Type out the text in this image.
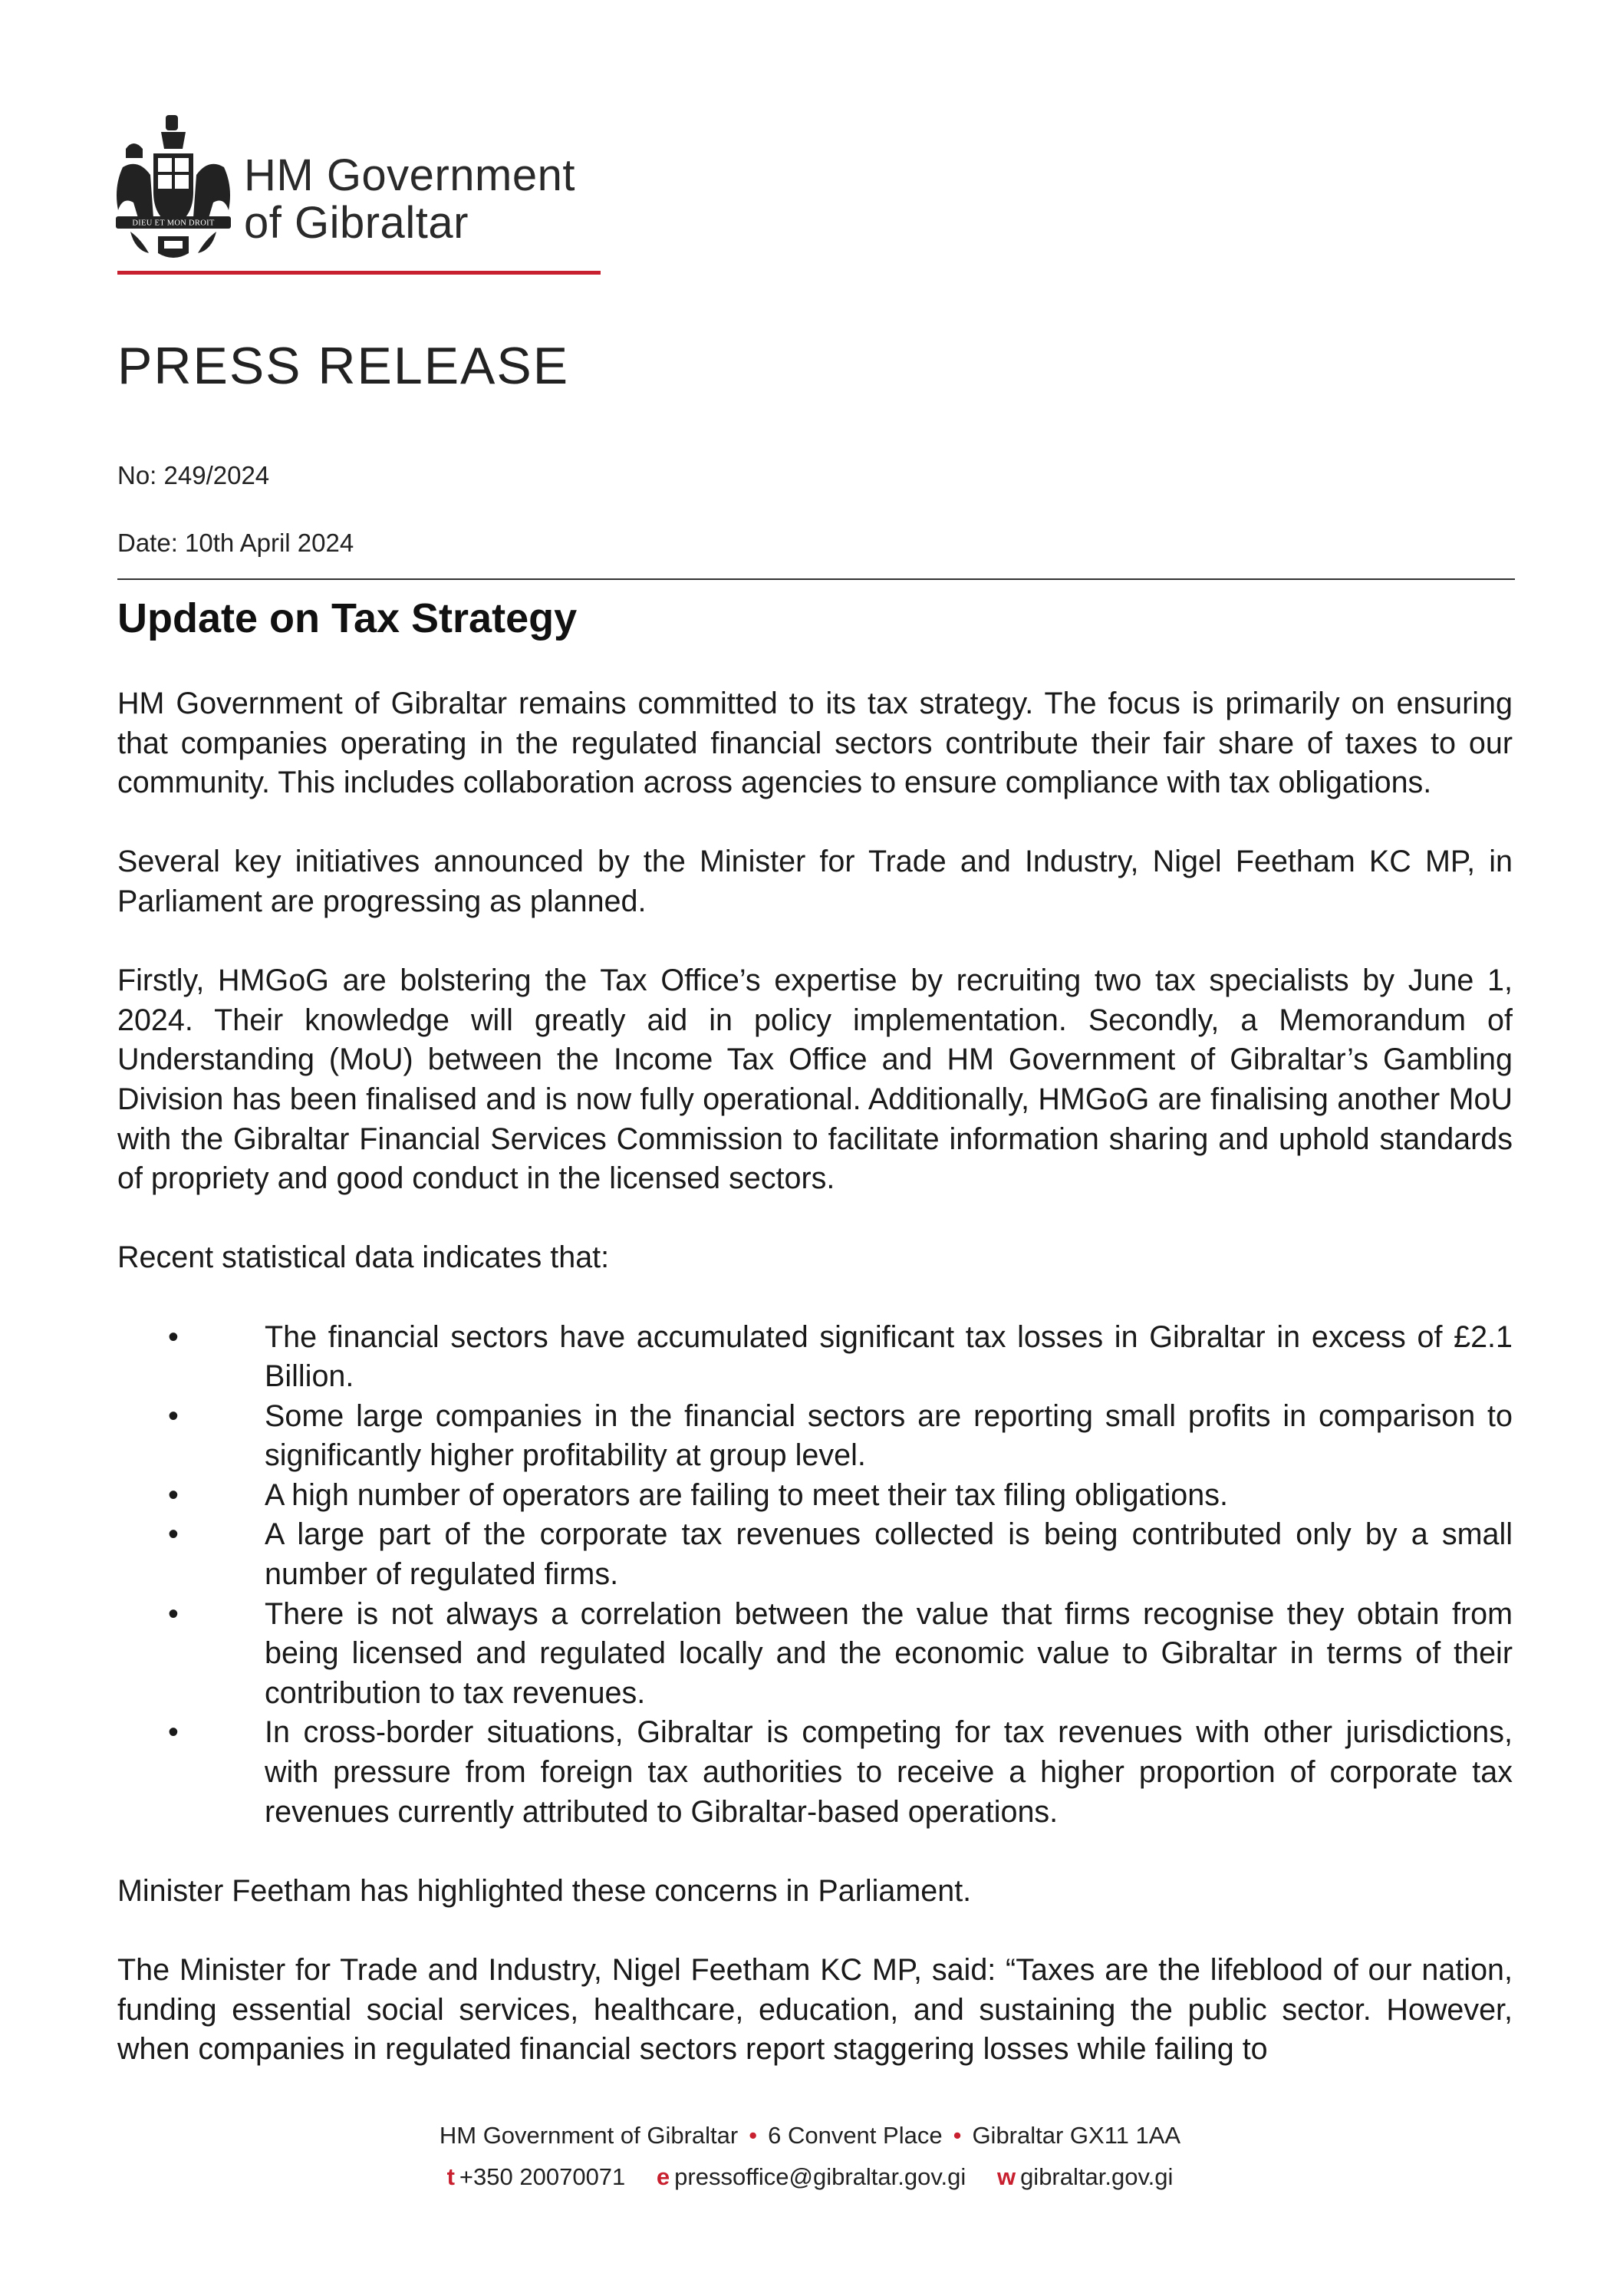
DIEU ET MON DROIT
HM Government
of Gibraltar
PRESS RELEASE
No: 249/2024
Date: 10th April 2024
Update on Tax Strategy

HM Government of Gibraltar remains committed to its tax strategy. The focus is primarily on ensuring that companies operating in the regulated financial sectors contribute their fair share of taxes to our community. This includes collaboration across agencies to ensure compliance with tax obligations.

Several key initiatives announced by the Minister for Trade and Industry, Nigel Feetham KC MP, in Parliament are progressing as planned.

Firstly, HMGoG are bolstering the Tax Office’s expertise by recruiting two tax specialists by June 1, 2024. Their knowledge will greatly aid in policy implementation. Secondly, a Memorandum of Understanding (MoU) between the Income Tax Office and HM Government of Gibraltar’s Gambling Division has been finalised and is now fully operational. Additionally, HMGoG are finalising another MoU with the Gibraltar Financial Services Commission to facilitate information sharing and uphold standards of propriety and good conduct in the licensed sectors.

Recent statistical data indicates that:

•	The financial sectors have accumulated significant tax losses in Gibraltar in excess of £2.1 Billion.
•	Some large companies in the financial sectors are reporting small profits in comparison to significantly higher profitability at group level.
•	A high number of operators are failing to meet their tax filing obligations.
•	A large part of the corporate tax revenues collected is being contributed only by a small number of regulated firms.
•	There is not always a correlation between the value that firms recognise they obtain from being licensed and regulated locally and the economic value to Gibraltar in terms of their contribution to tax revenues.
•	In cross-border situations, Gibraltar is competing for tax revenues with other jurisdictions, with pressure from foreign tax authorities to receive a higher proportion of corporate tax revenues currently attributed to Gibraltar-based operations.

Minister Feetham has highlighted these concerns in Parliament.

The Minister for Trade and Industry, Nigel Feetham KC MP, said: “Taxes are the lifeblood of our nation, funding essential social services, healthcare, education, and sustaining the public sector. However, when companies in regulated financial sectors report staggering losses while failing to

HM Government of Gibraltar • 6 Convent Place • Gibraltar GX11 1AA
t +350 20070071 e pressoffice@gibraltar.gov.gi w gibraltar.gov.gi
